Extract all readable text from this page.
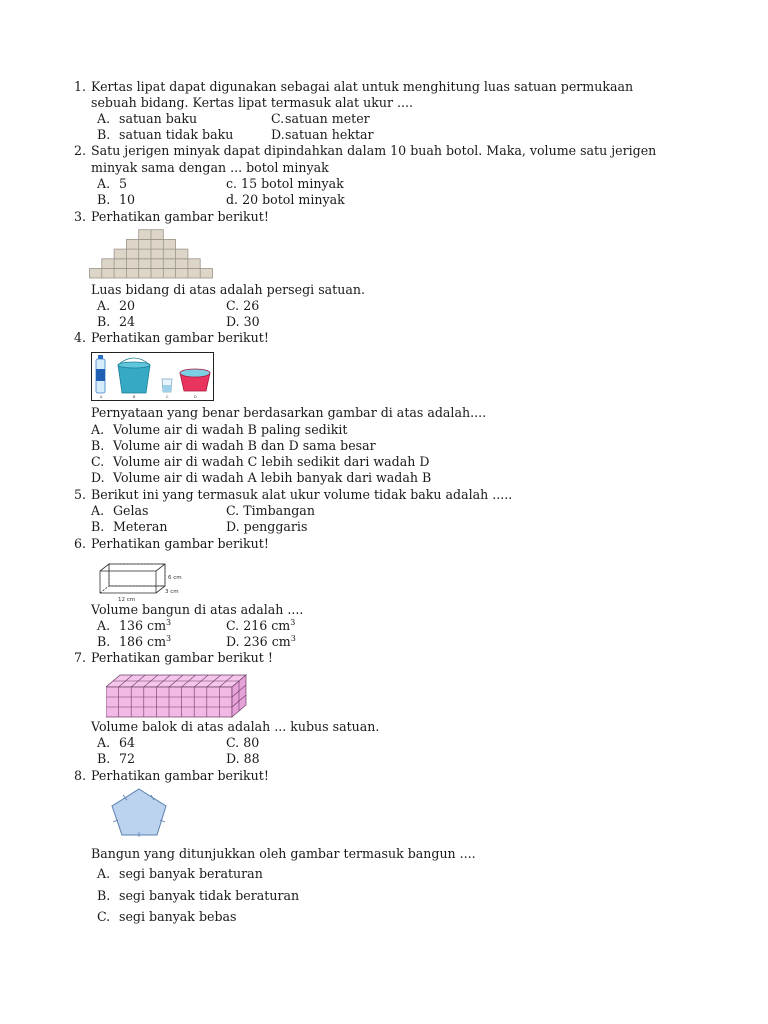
1. Kertas lipat dapat digunakan sebagai alat untuk menghitung luas satuan permukaan
sebuah bidang. Kertas lipat termasuk alat ukur ....
A. satuan baku
B. satuan tidak baku
C. satuan meter
D. satuan hektar
2. Satu jerigen minyak dapat dipindahkan dalam 10 buah botol. Maka, volume satu jerigen
minyak sama dengan ... botol minyak
A. 5
B. 10
c. 15 botol minyak
d. 20 botol minyak
3. Perhatikan gambar berikut!
Luas bidang di atas adalah persegi satuan.
A. 20
B. 24
C. 26
D. 30
4. Perhatikan gambar berikut!
A	B	C	D
Pernyataan yang benar berdasarkan gambar di atas adalah....
A. Volume air di wadah B paling sedikit
B. Volume air di wadah B dan D sama besar
C. Volume air di wadah C lebih sedikit dari wadah D
D. Volume air di wadah A lebih banyak dari wadah B
5. Berikut ini yang termasuk alat ukur volume tidak baku adalah .....
A. Gelas
B. Meteran
C. Timbangan
D. penggaris
6. Perhatikan gambar berikut!
6 cm
3 cm
12 cm
Volume bangun di atas adalah ....
A. 136 $cm^3$
B. 186 $cm^3$
C. 216 $cm^3$
D. 236 $cm^3$
7. Perhatikan gambar berikut !
Volume balok di atas adalah ... kubus satuan.
A. 64
B. 72
C. 80
D. 88
8. Perhatikan gambar berikut!
Bangun yang ditunjukkan oleh gambar termasuk bangun ....
A. segi banyak beraturan
B. segi banyak tidak beraturan
C. segi banyak bebas
